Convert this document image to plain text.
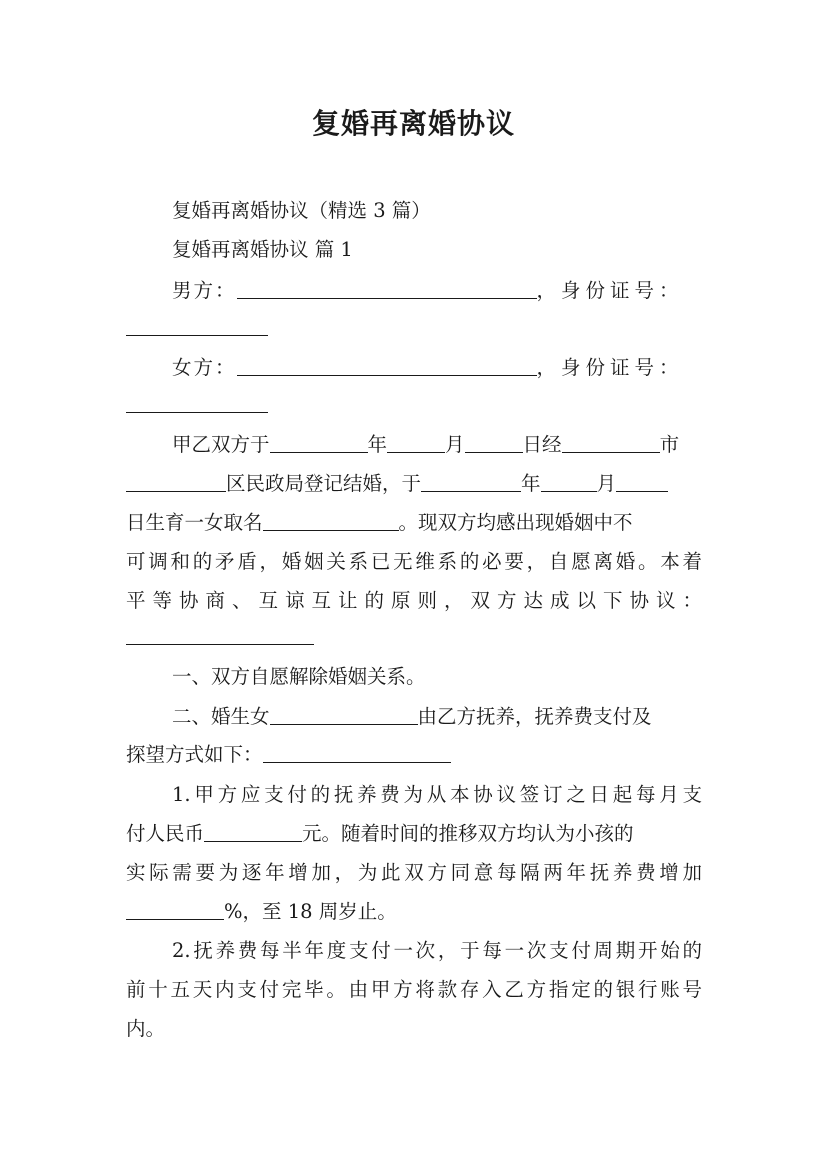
复婚再离婚协议
复婚再离婚协议（精选 3 篇）
复婚再离婚协议 篇 1
男方：	，身份证号：
女方：	，身份证号：
甲乙双方于	年	月	日经	市
区民政局登记结婚，于	年	月
日生育一女取名	。现双方均感出现婚姻中不
可调和的矛盾，婚姻关系已无维系的必要，自愿离婚。本着
平等协商、互谅互让的原则，双方达成以下协议：
一、双方自愿解除婚姻关系。
二、婚生女	由乙方抚养，抚养费支付及
探望方式如下：
1.甲方应支付的抚养费为从本协议签订之日起每月支
付人民币	元。随着时间的推移双方均认为小孩的
实际需要为逐年增加，为此双方同意每隔两年抚养费增加
%，至 18 周岁止。
2.抚养费每半年度支付一次，于每一次支付周期开始的
前十五天内支付完毕。由甲方将款存入乙方指定的银行账号
内。
